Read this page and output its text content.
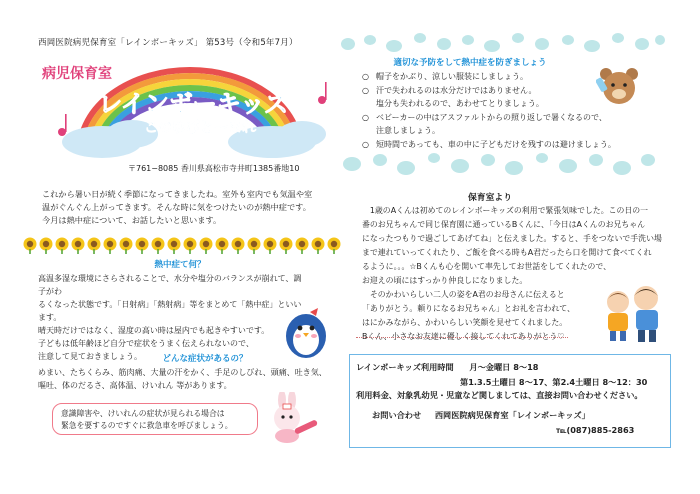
西岡医院病児保育室「レインボーキッズ」 第53号（令和5年7月）
病児保育室
レインボーキッズ
このゆびと〜まれ
〒761−8085 香川県高松市寺井町1385番地10

これから暑い日が続く季節になってきましたね。室外も室内でも気温や室

温がぐんぐん上がってきます。そんな時に気をつけたいのが熱中症です。

今月は熱中症について、お話したいと思います。

熱中症て何？

高温多湿な環境にさらされることで、水分や塩分のバランスが崩れて、調子がわ

るくなった状態です。「日射病」「熱射病」等をまとめて「熱中症」といいます。

晴天時だけではなく、湿度の高い時は屋内でも起きやすいです。

子どもは低年齢ほど自分で症状をうまく伝えられないので、

注意して見ておきましょう。	どんな症状があるの？

めまい、たちくらみ、筋肉痛、大量の汗をかく、手足のしびれ、頭痛、吐き気、

嘔吐、体のだるさ、高体温、けいれん 等があります。

意識障害や、けいれんの症状が見られる場合は

緊急を要するのですぐに救急車を呼びましょう。

適切な予防をして熱中症を防ぎましょう
○ 帽子をかぶり、涼しい服装にしましょう。
○ 汗で失われるのは水分だけではありません。
塩分も失われるので、あわせてとりましょう。
○ ベビーカーの中はアスファルトからの照り返しで暑くなるので、
注意しましょう。
○ 短時間であっても、車の中に子どもだけを残すのは避けましょう。
保育室より

1歳のAくんは初めてのレインボーキッズの利用で緊張気味でした。この日の一

番のお兄ちゃんで同じ保育園に通っているBくんに、「今日はAくんのお兄ちゃん

になったつもりで過ごしてあげてね」と伝えました。すると、手をつないで手洗い場

まで連れていってくれたり、ご飯を食べる時もA君だったら口を開けて食べてくれ

るように。。。☆Bくんも心を開いて率先してお世話をしてくれたので、

お迎えの頃にはすっかり仲良しになりました。

そのかわいらしい二人の姿をA君のお母さんに伝えると

「ありがとう。頼りになるお兄ちゃん」とお礼を言われて、

はにかみながら、かわいらしい笑顔を見せてくれました。

Bくん、小さなお友達に優しく接してくれてありがとう♡

レインボーキッズ利用時間 月～金曜日 8～18
第1.3.5土曜日 8～17、第2.4土曜日 8～12：30
利用料金、対象乳幼児・児童など関しましては、直接お問い合わせください。
お問い合わせ 西岡医院病児保育室「レインボーキッズ」
℡(087)885-2863
